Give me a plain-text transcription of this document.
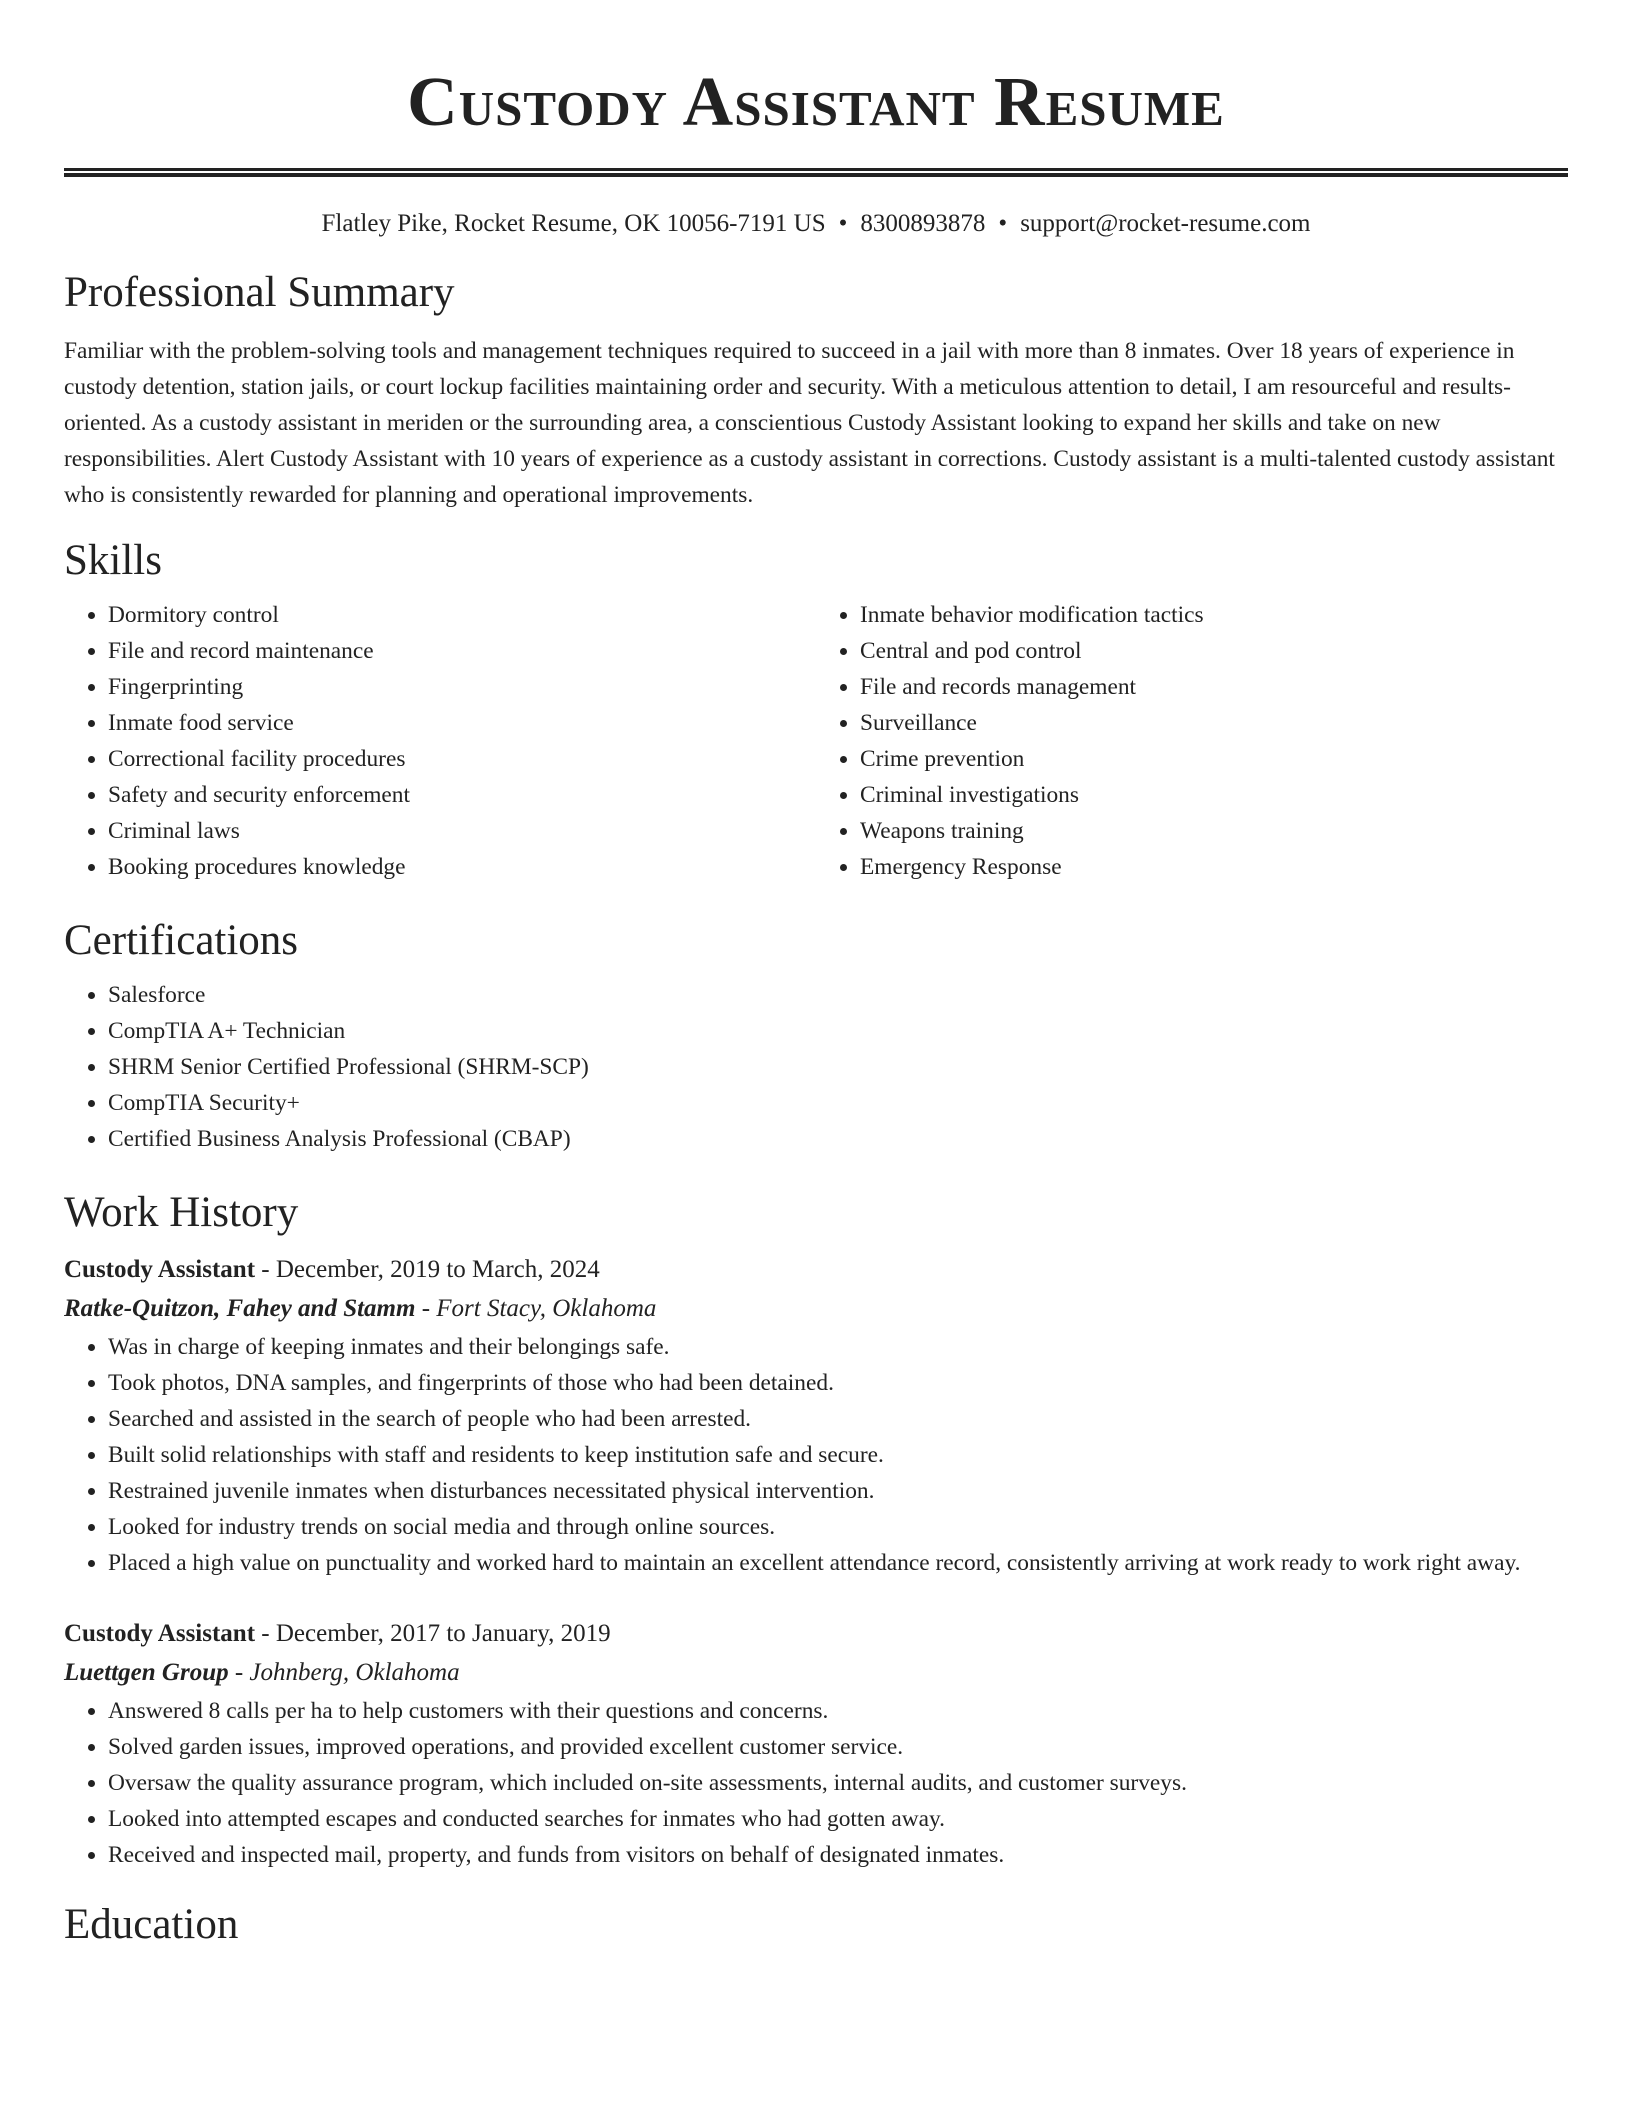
Custody Assistant Resume
Flatley Pike, Rocket Resume, OK 10056-7191 US • 8300893878 • support@rocket-resume.com
Professional Summary

Familiar with the problem-solving tools and management techniques required to succeed in a jail with more than 8 inmates. Over 18 years of experience in custody detention, station jails, or court lockup facilities maintaining order and security. With a meticulous attention to detail, I am resourceful and results-oriented. As a custody assistant in meriden or the surrounding area, a conscientious Custody Assistant looking to expand her skills and take on new responsibilities. Alert Custody Assistant with 10 years of experience as a custody assistant in corrections. Custody assistant is a multi-talented custody assistant who is consistently rewarded for planning and operational improvements.

Skills
• Dormitory control
• File and record maintenance
• Fingerprinting
• Inmate food service
• Correctional facility procedures
• Safety and security enforcement
• Criminal laws
• Booking procedures knowledge
• Inmate behavior modification tactics
• Central and pod control
• File and records management
• Surveillance
• Crime prevention
• Criminal investigations
• Weapons training
• Emergency Response
Certifications
• Salesforce
• CompTIA A+ Technician
• SHRM Senior Certified Professional (SHRM-SCP)
• CompTIA Security+
• Certified Business Analysis Professional (CBAP)
Work History
Custody Assistant - December, 2019 to March, 2024
Ratke-Quitzon, Fahey and Stamm - Fort Stacy, Oklahoma
• Was in charge of keeping inmates and their belongings safe.
• Took photos, DNA samples, and fingerprints of those who had been detained.
• Searched and assisted in the search of people who had been arrested.
• Built solid relationships with staff and residents to keep institution safe and secure.
• Restrained juvenile inmates when disturbances necessitated physical intervention.
• Looked for industry trends on social media and through online sources.
• Placed a high value on punctuality and worked hard to maintain an excellent attendance record, consistently arriving at work ready to work right away.
Custody Assistant - December, 2017 to January, 2019
Luettgen Group - Johnberg, Oklahoma
• Answered 8 calls per ha to help customers with their questions and concerns.
• Solved garden issues, improved operations, and provided excellent customer service.
• Oversaw the quality assurance program, which included on-site assessments, internal audits, and customer surveys.
• Looked into attempted escapes and conducted searches for inmates who had gotten away.
• Received and inspected mail, property, and funds from visitors on behalf of designated inmates.
Education
